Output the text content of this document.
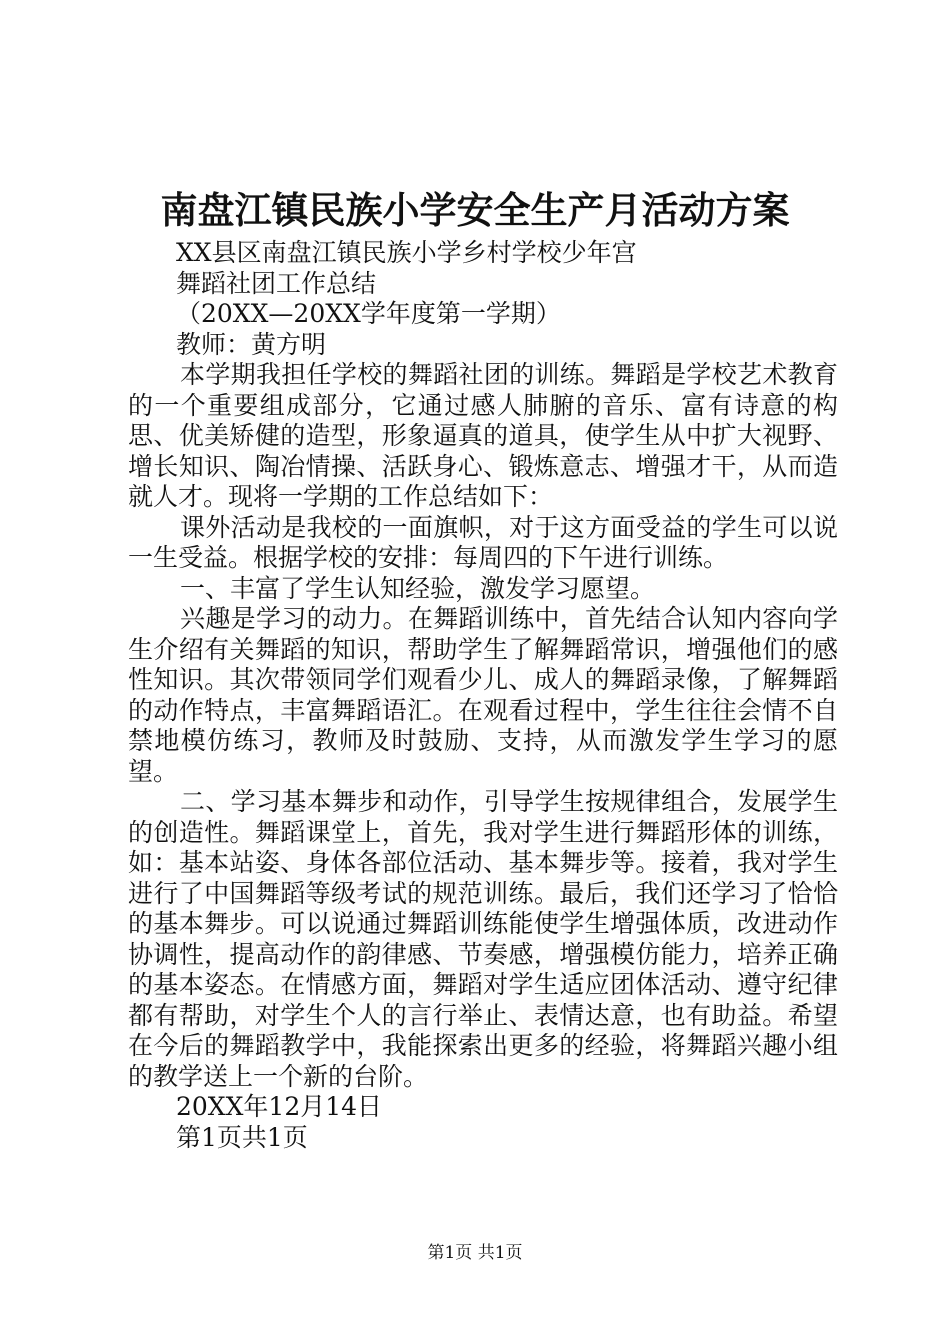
南盘江镇民族小学安全生产月活动方案
XX县区南盘江镇民族小学乡村学校少年宫
舞蹈社团工作总结
（20XX—20XX学年度第一学期）
教师：黄方明
本学期我担任学校的舞蹈社团的训练。舞蹈是学校艺术教育的一个重要组成部分，它通过感人肺腑的音乐、富有诗意的构思、优美矫健的造型，形象逼真的道具，使学生从中扩大视野、增长知识、陶冶情操、活跃身心、锻炼意志、增强才干，从而造就人才。现将一学期的工作总结如下：
课外活动是我校的一面旗帜，对于这方面受益的学生可以说一生受益。根据学校的安排：每周四的下午进行训练。
一、丰富了学生认知经验，激发学习愿望。
兴趣是学习的动力。在舞蹈训练中，首先结合认知内容向学生介绍有关舞蹈的知识，帮助学生了解舞蹈常识，增强他们的感性知识。其次带领同学们观看少儿、成人的舞蹈录像，了解舞蹈的动作特点，丰富舞蹈语汇。在观看过程中，学生往往会情不自禁地模仿练习，教师及时鼓励、支持，从而激发学生学习的愿望。
二、学习基本舞步和动作，引导学生按规律组合，发展学生的创造性。舞蹈课堂上，首先，我对学生进行舞蹈形体的训练，如：基本站姿、身体各部位活动、基本舞步等。接着，我对学生进行了中国舞蹈等级考试的规范训练。最后，我们还学习了恰恰的基本舞步。可以说通过舞蹈训练能使学生增强体质，改进动作协调性，提高动作的韵律感、节奏感，增强模仿能力，培养正确的基本姿态。在情感方面，舞蹈对学生适应团体活动、遵守纪律都有帮助，对学生个人的言行举止、表情达意，也有助益。希望在今后的舞蹈教学中，我能探索出更多的经验，将舞蹈兴趣小组的教学送上一个新的台阶。
20XX年12月14日
第1页共1页
第1页 共1页
